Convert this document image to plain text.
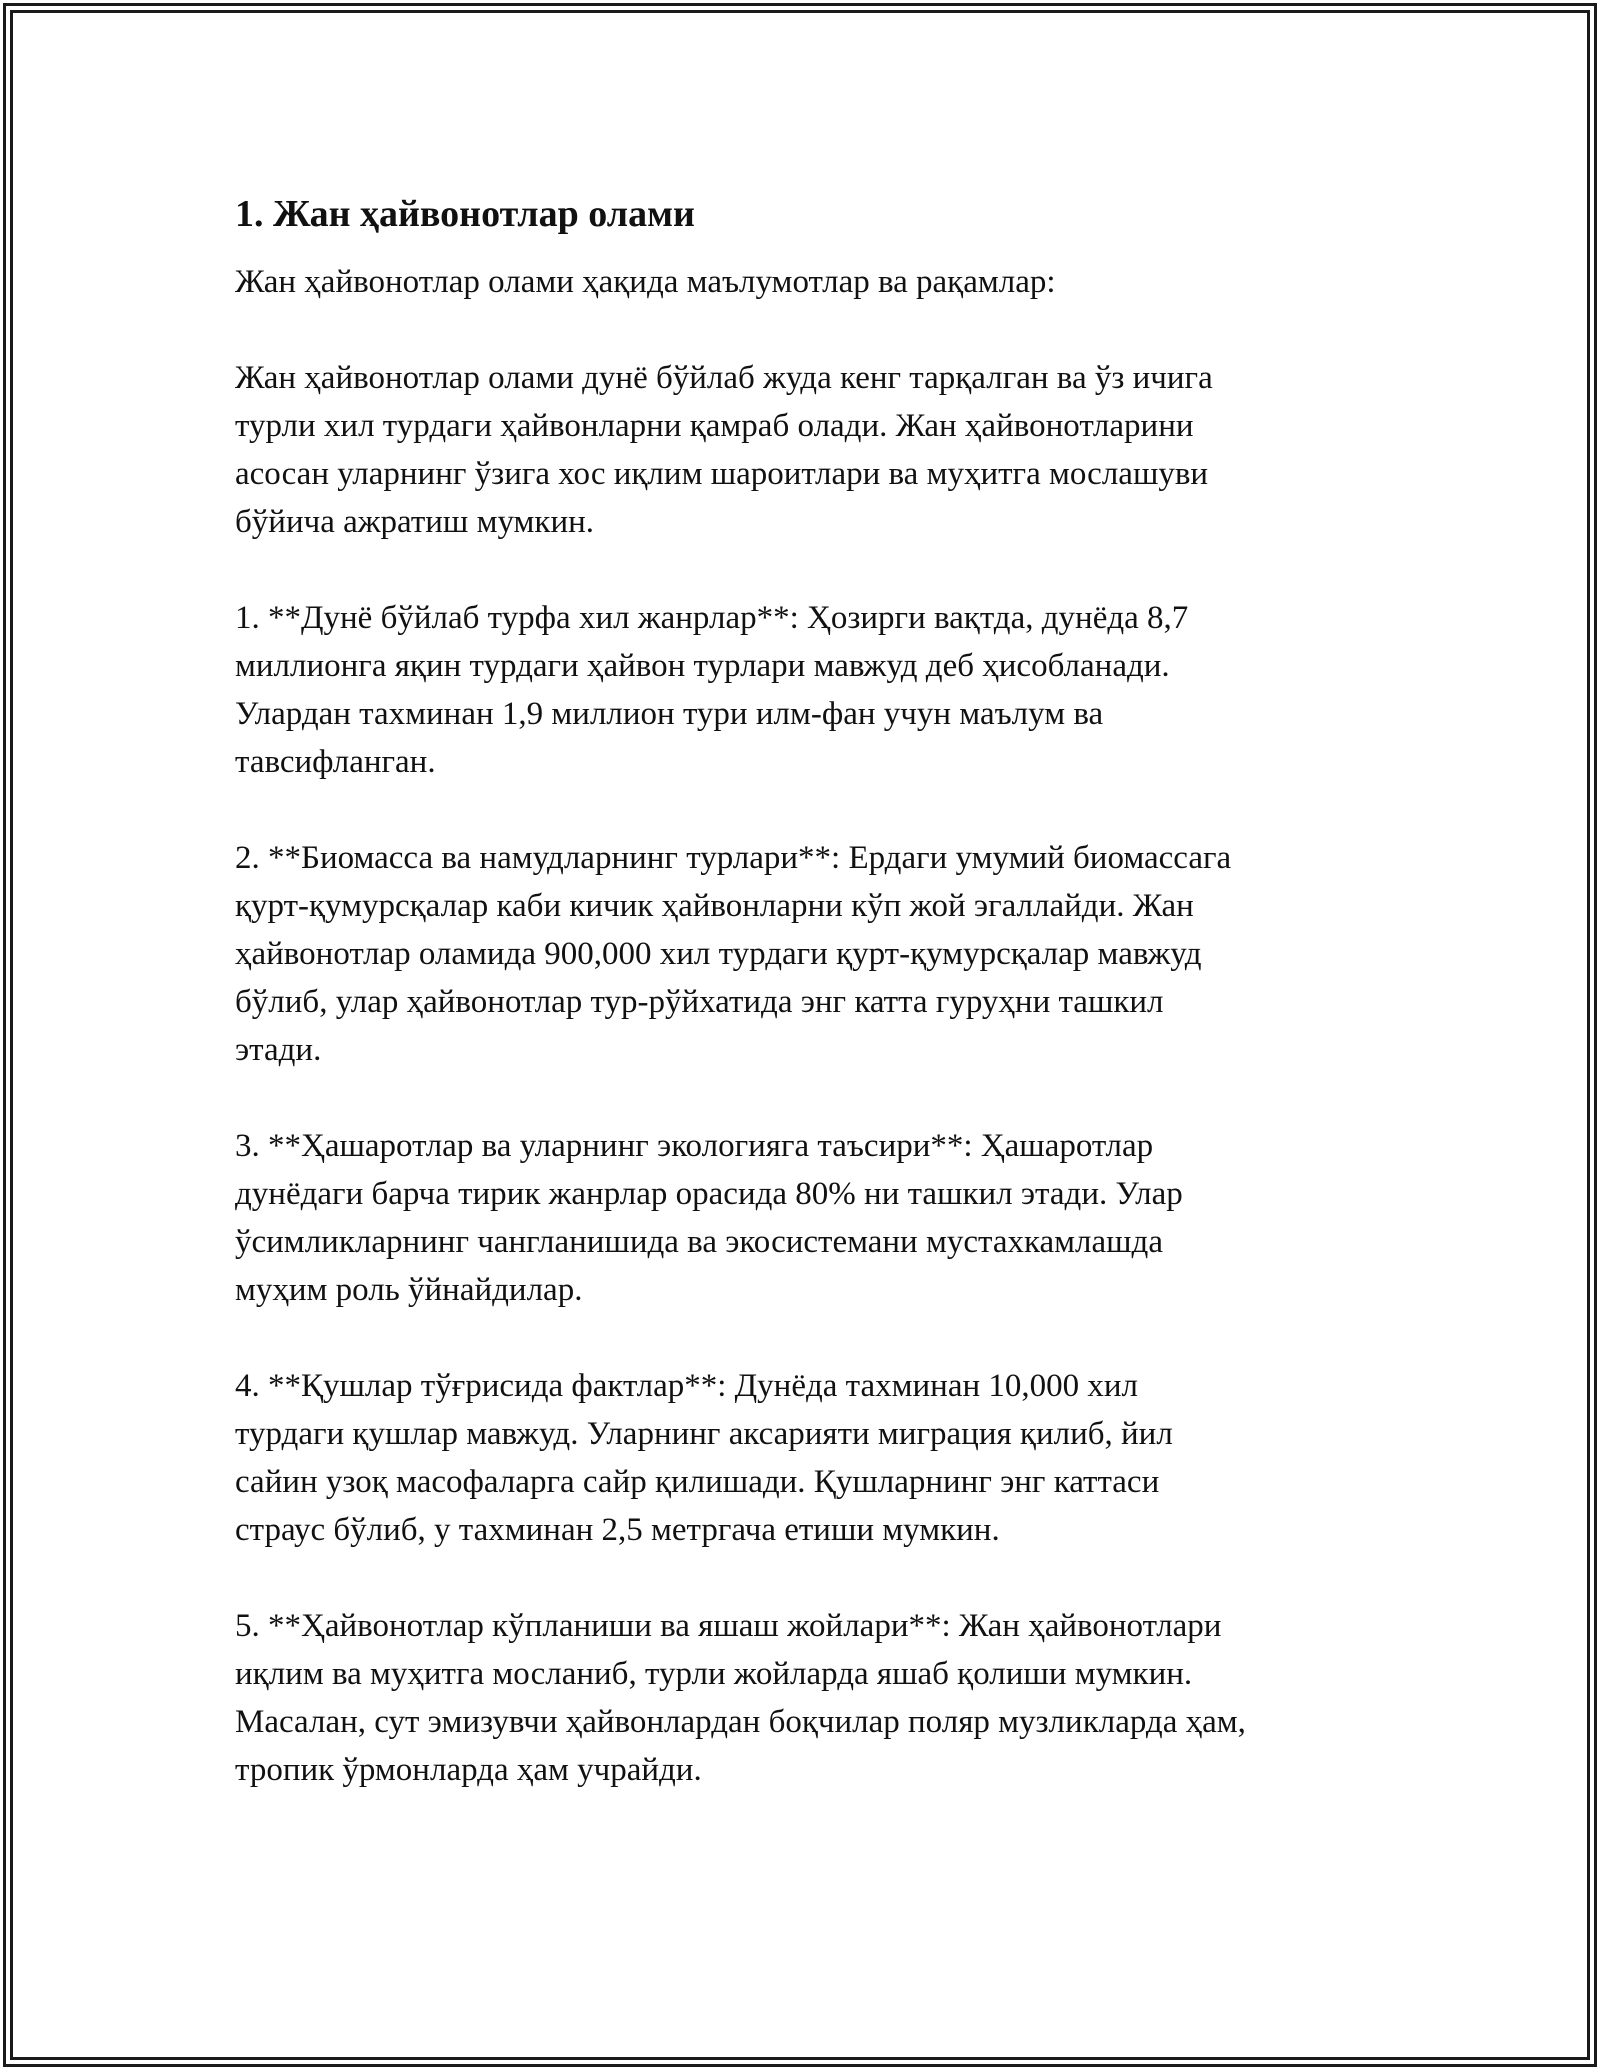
1. Жан ҳайвонотлар олами

Жан ҳайвонотлар олами ҳақида маълумотлар ва рақамлар:

Жан ҳайвонотлар олами дунё бўйлаб жуда кенг тарқалган ва ўз ичига
турли хил турдаги ҳайвонларни қамраб олади. Жан ҳайвонотларини
асосан уларнинг ўзига хос иқлим шароитлари ва муҳитга мослашуви
бўйича ажратиш мумкин.

1. **Дунё бўйлаб турфа хил жанрлар**: Ҳозирги вақтда, дунёда 8,7
миллионга яқин турдаги ҳайвон турлари мавжуд деб ҳисобланади.
Улардан тахминан 1,9 миллион тури илм-фан учун маълум ва
тавсифланган.

2. **Биомасса ва намудларнинг турлари**: Ердаги умумий биомассага
қурт-қумурсқалар каби кичик ҳайвонларни кўп жой эгаллайди. Жан
ҳайвонотлар оламида 900,000 хил турдаги қурт-қумурсқалар мавжуд
бўлиб, улар ҳайвонотлар тур-рўйхатида энг катта гуруҳни ташкил
этади.

3. **Ҳашаротлар ва уларнинг экологияга таъсири**: Ҳашаротлар
дунёдаги барча тирик жанрлар орасида 80% ни ташкил этади. Улар
ўсимликларнинг чангланишида ва экосистемани мустахкамлашда
муҳим роль ўйнайдилар.

4. **Қушлар тўғрисида фактлар**: Дунёда тахминан 10,000 хил
турдаги қушлар мавжуд. Уларнинг аксарияти миграция қилиб, йил
сайин узоқ масофаларга сайр қилишади. Қушларнинг энг каттаси
страус бўлиб, у тахминан 2,5 метргача етиши мумкин.

5. **Ҳайвонотлар кўпланиши ва яшаш жойлари**: Жан ҳайвонотлари
иқлим ва муҳитга мосланиб, турли жойларда яшаб қолиши мумкин.
Масалан, сут эмизувчи ҳайвонлардан боқчилар поляр музликларда ҳам,
тропик ўрмонларда ҳам учрайди.
